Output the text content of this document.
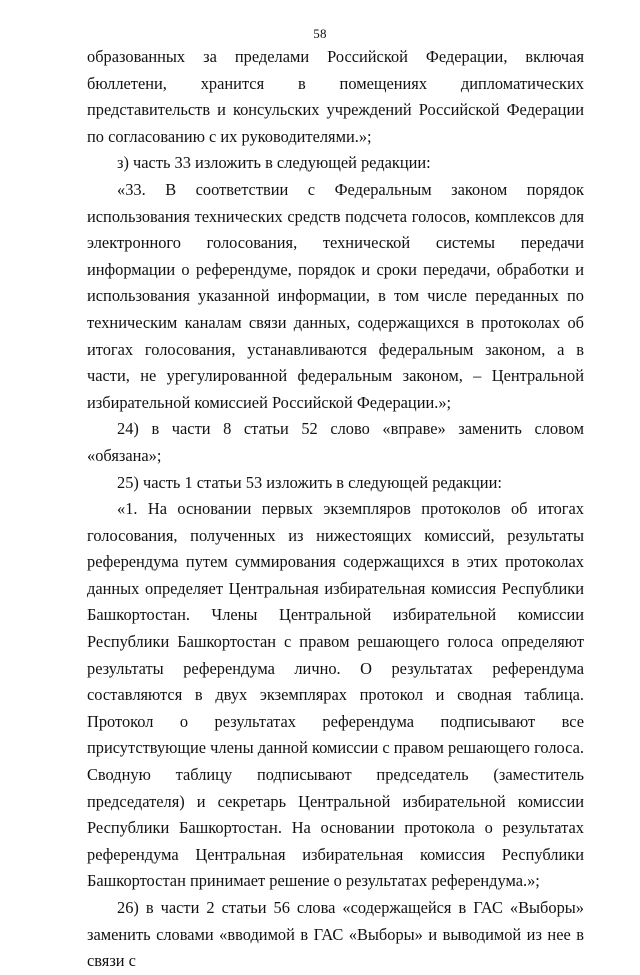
58

образованных за пределами Российской Федерации, включая бюллетени, хранится в помещениях дипломатических представительств и консульских учреждений Российской Федерации по согласованию с их руководителями.»;

з) часть 33 изложить в следующей редакции:

«33. В соответствии с Федеральным законом порядок использования технических средств подсчета голосов, комплексов для электронного голосования, технической системы передачи информации о референдуме, порядок и сроки передачи, обработки и использования указанной информации, в том числе переданных по техническим каналам связи данных, содержащихся в протоколах об итогах голосования, устанавливаются федеральным законом, а в части, не урегулированной федеральным законом, – Центральной избирательной комиссией Российской Федерации.»;

24) в части 8 статьи 52 слово «вправе» заменить словом «обязана»;

25) часть 1 статьи 53 изложить в следующей редакции:

«1. На основании первых экземпляров протоколов об итогах голосования, полученных из нижестоящих комиссий, результаты референдума путем суммирования содержащихся в этих протоколах данных определяет Центральная избирательная комиссия Республики Башкортостан. Члены Центральной избирательной комиссии Республики Башкортостан с правом решающего голоса определяют результаты референдума лично. О результатах референдума составляются в двух экземплярах протокол и сводная таблица. Протокол о результатах референдума подписывают все присутствующие члены данной комиссии с правом решающего голоса. Сводную таблицу подписывают председатель (заместитель председателя) и секретарь Центральной избирательной комиссии Республики Башкортостан. На основании протокола о результатах референдума Центральная избирательная комиссия Республики Башкортостан принимает решение о результатах референдума.»;

26) в части 2 статьи 56 слова «содержащейся в ГАС «Выборы» заменить словами «вводимой в ГАС «Выборы» и выводимой из нее в связи с
